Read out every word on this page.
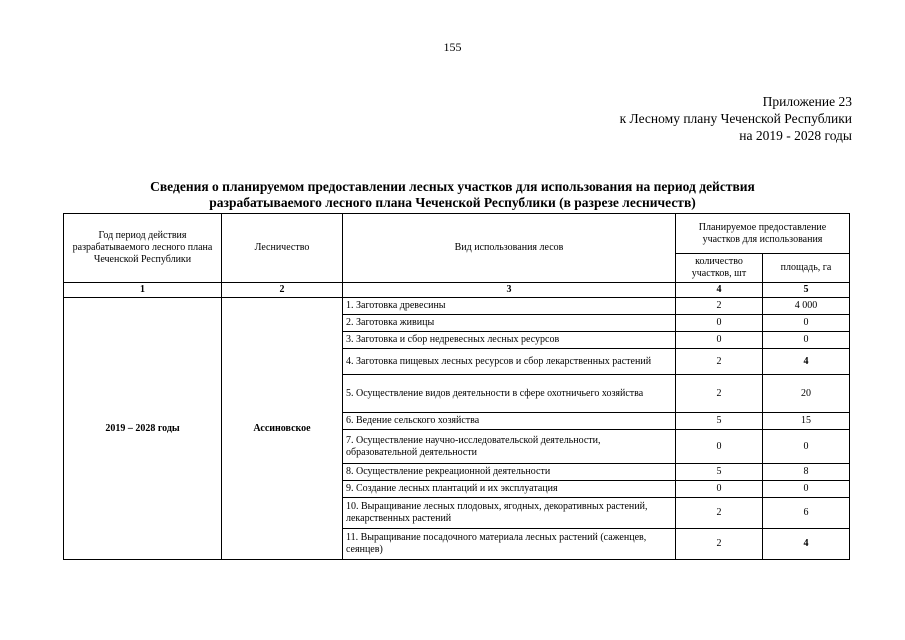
155
Приложение 23
к Лесному плану Чеченской Республики
на 2019 - 2028 годы
Сведения о планируемом предоставлении лесных участков для использования на период действия
разрабатываемого лесного плана Чеченской Республики (в разрезе лесничеств)
Год период действия разрабатываемого лесного плана Чеченской Республики	Лесничество	Вид использования лесов	Планируемое предоставление участков для использования	
			количество участков, шт	площадь, га
1	2	3	4	5
2019 – 2028 годы	Ассиновское	1. Заготовка древесины	2	4 000
		2. Заготовка живицы	0	0
		3. Заготовка и сбор недревесных лесных ресурсов	0	0
		4. Заготовка пищевых лесных ресурсов и сбор лекарственных растений	2	4
		5. Осуществление видов деятельности в сфере охотничьего хозяйства	2	20
		6. Ведение сельского хозяйства	5	15
		7. Осуществление научно-исследовательской деятельности, образовательной деятельности	0	0
		8. Осуществление рекреационной деятельности	5	8
		9. Создание лесных плантаций и их эксплуатация	0	0
		10. Выращивание лесных плодовых, ягодных, декоративных растений, лекарственных растений	2	6
		11. Выращивание посадочного материала лесных растений (саженцев, сеянцев)	2	4
